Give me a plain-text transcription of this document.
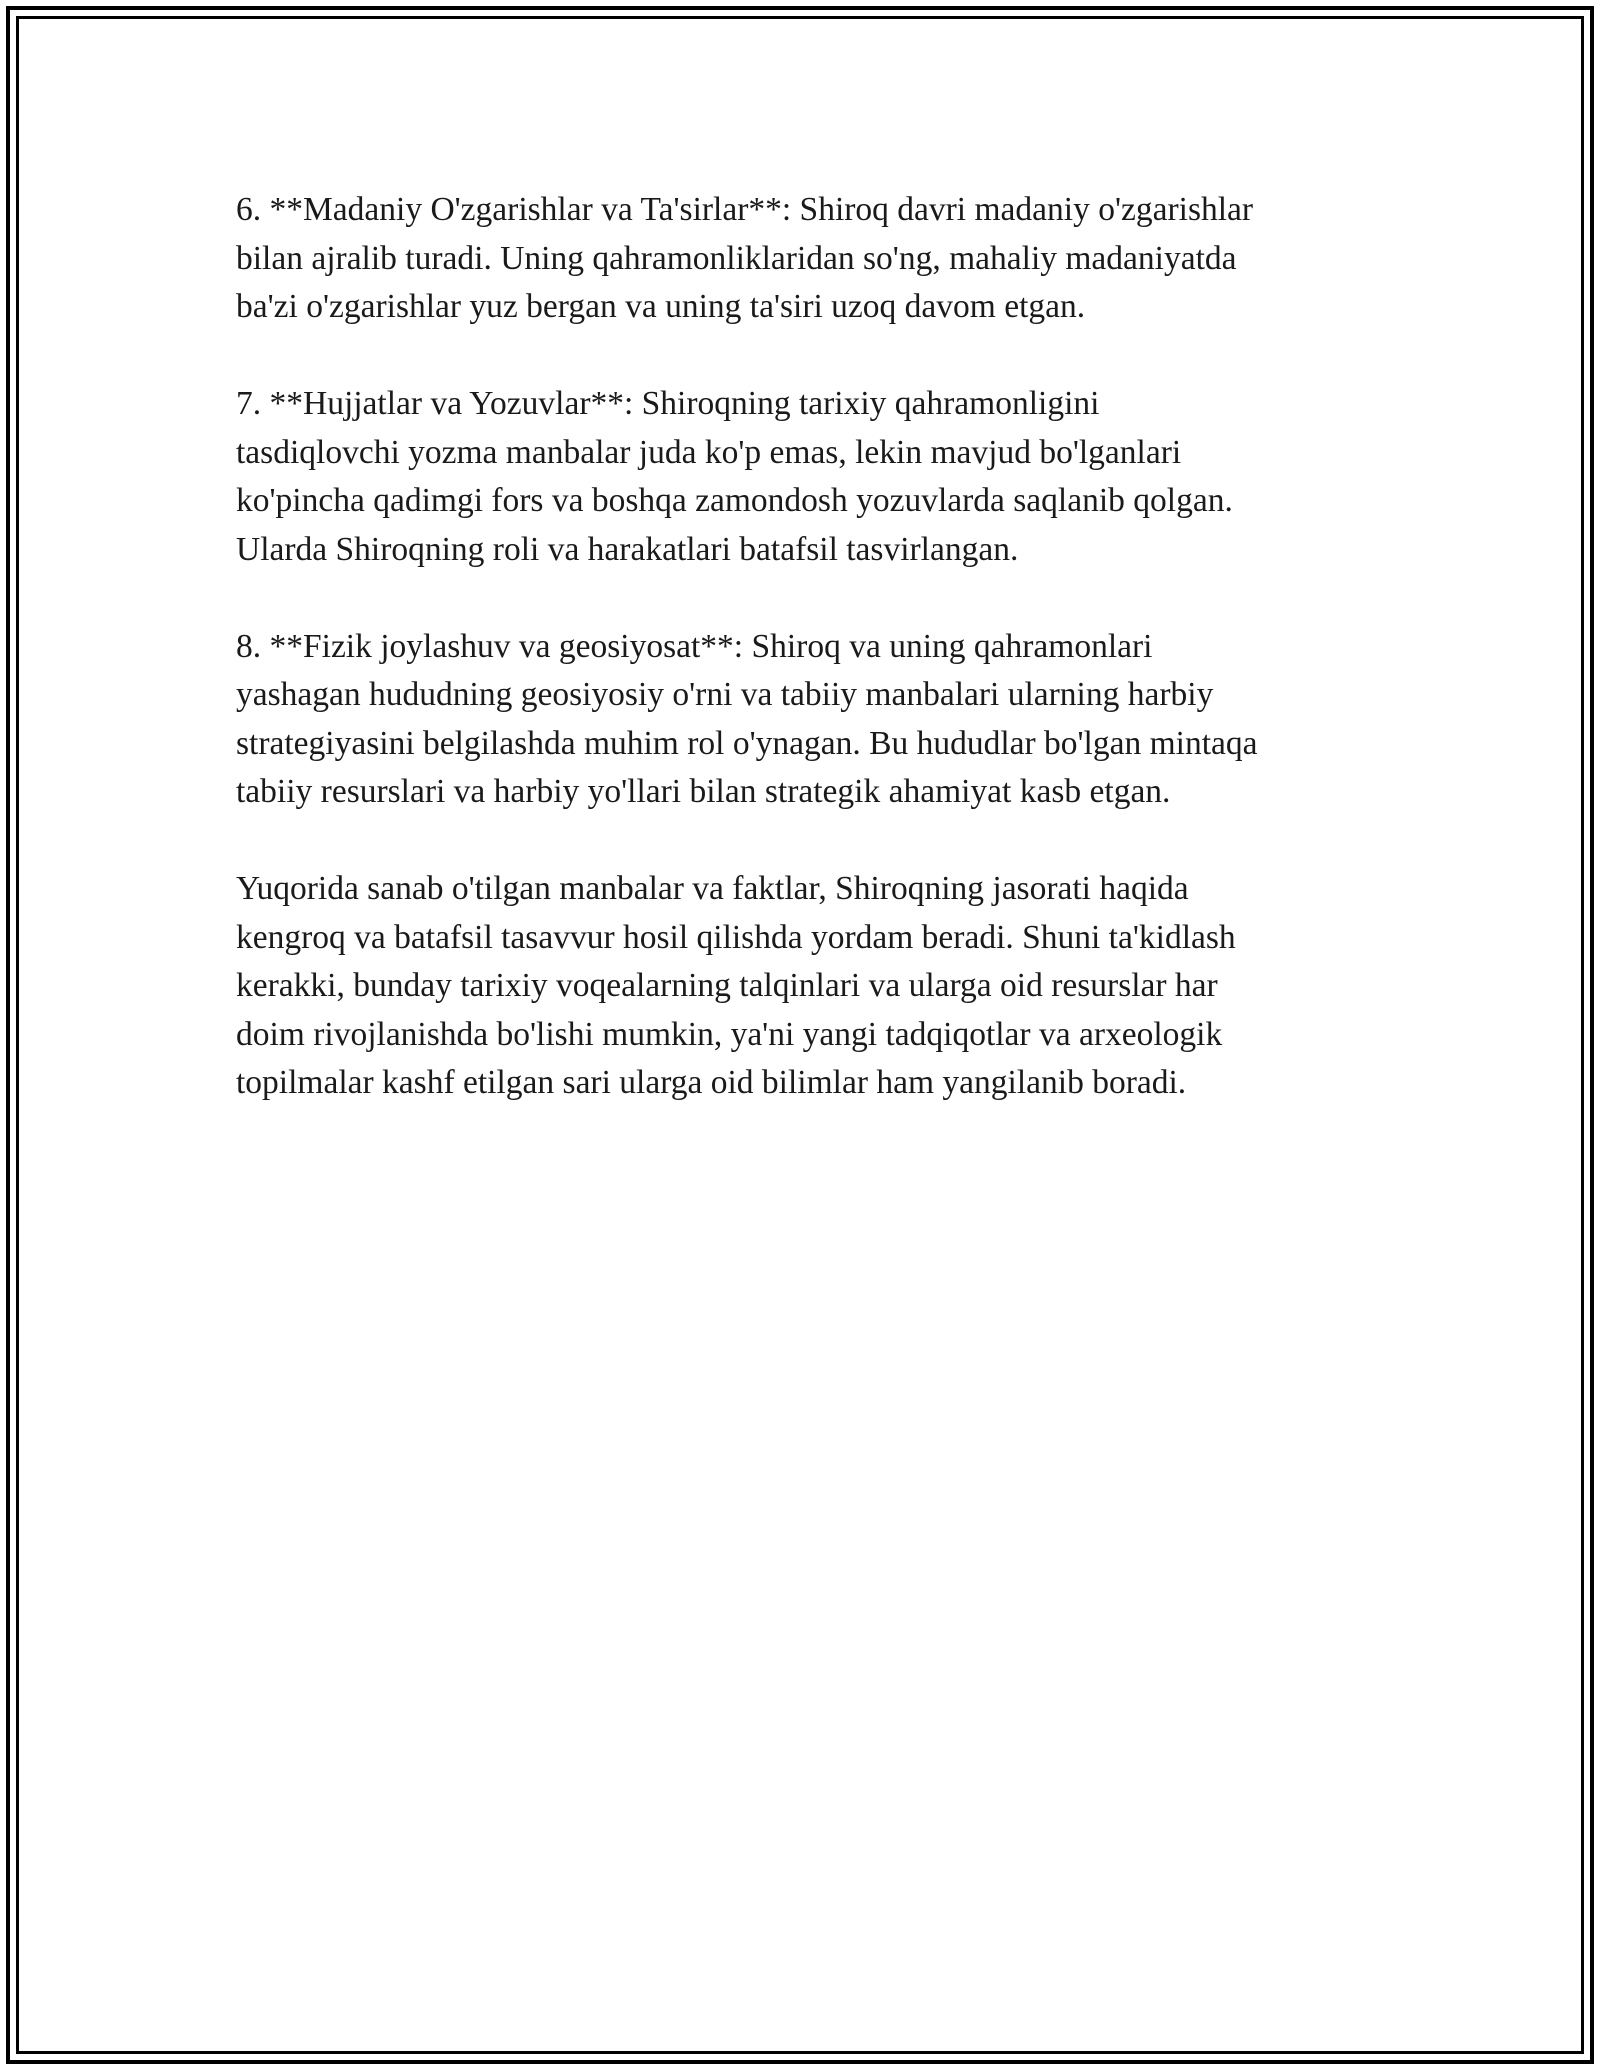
6. **Madaniy O'zgarishlar va Ta'sirlar**: Shiroq davri madaniy o'zgarishlar
bilan ajralib turadi. Uning qahramonliklaridan so'ng, mahaliy madaniyatda
ba'zi o'zgarishlar yuz bergan va uning ta'siri uzoq davom etgan.

7. **Hujjatlar va Yozuvlar**: Shiroqning tarixiy qahramonligini
tasdiqlovchi yozma manbalar juda ko'p emas, lekin mavjud bo'lganlari
ko'pincha qadimgi fors va boshqa zamondosh yozuvlarda saqlanib qolgan.
Ularda Shiroqning roli va harakatlari batafsil tasvirlangan.

8. **Fizik joylashuv va geosiyosat**: Shiroq va uning qahramonlari
yashagan hududning geosiyosiy o'rni va tabiiy manbalari ularning harbiy
strategiyasini belgilashda muhim rol o'ynagan. Bu hududlar bo'lgan mintaqa
tabiiy resurslari va harbiy yo'llari bilan strategik ahamiyat kasb etgan.

Yuqorida sanab o'tilgan manbalar va faktlar, Shiroqning jasorati haqida
kengroq va batafsil tasavvur hosil qilishda yordam beradi. Shuni ta'kidlash
kerakki, bunday tarixiy voqealarning talqinlari va ularga oid resurslar har
doim rivojlanishda bo'lishi mumkin, ya'ni yangi tadqiqotlar va arxeologik
topilmalar kashf etilgan sari ularga oid bilimlar ham yangilanib boradi.
